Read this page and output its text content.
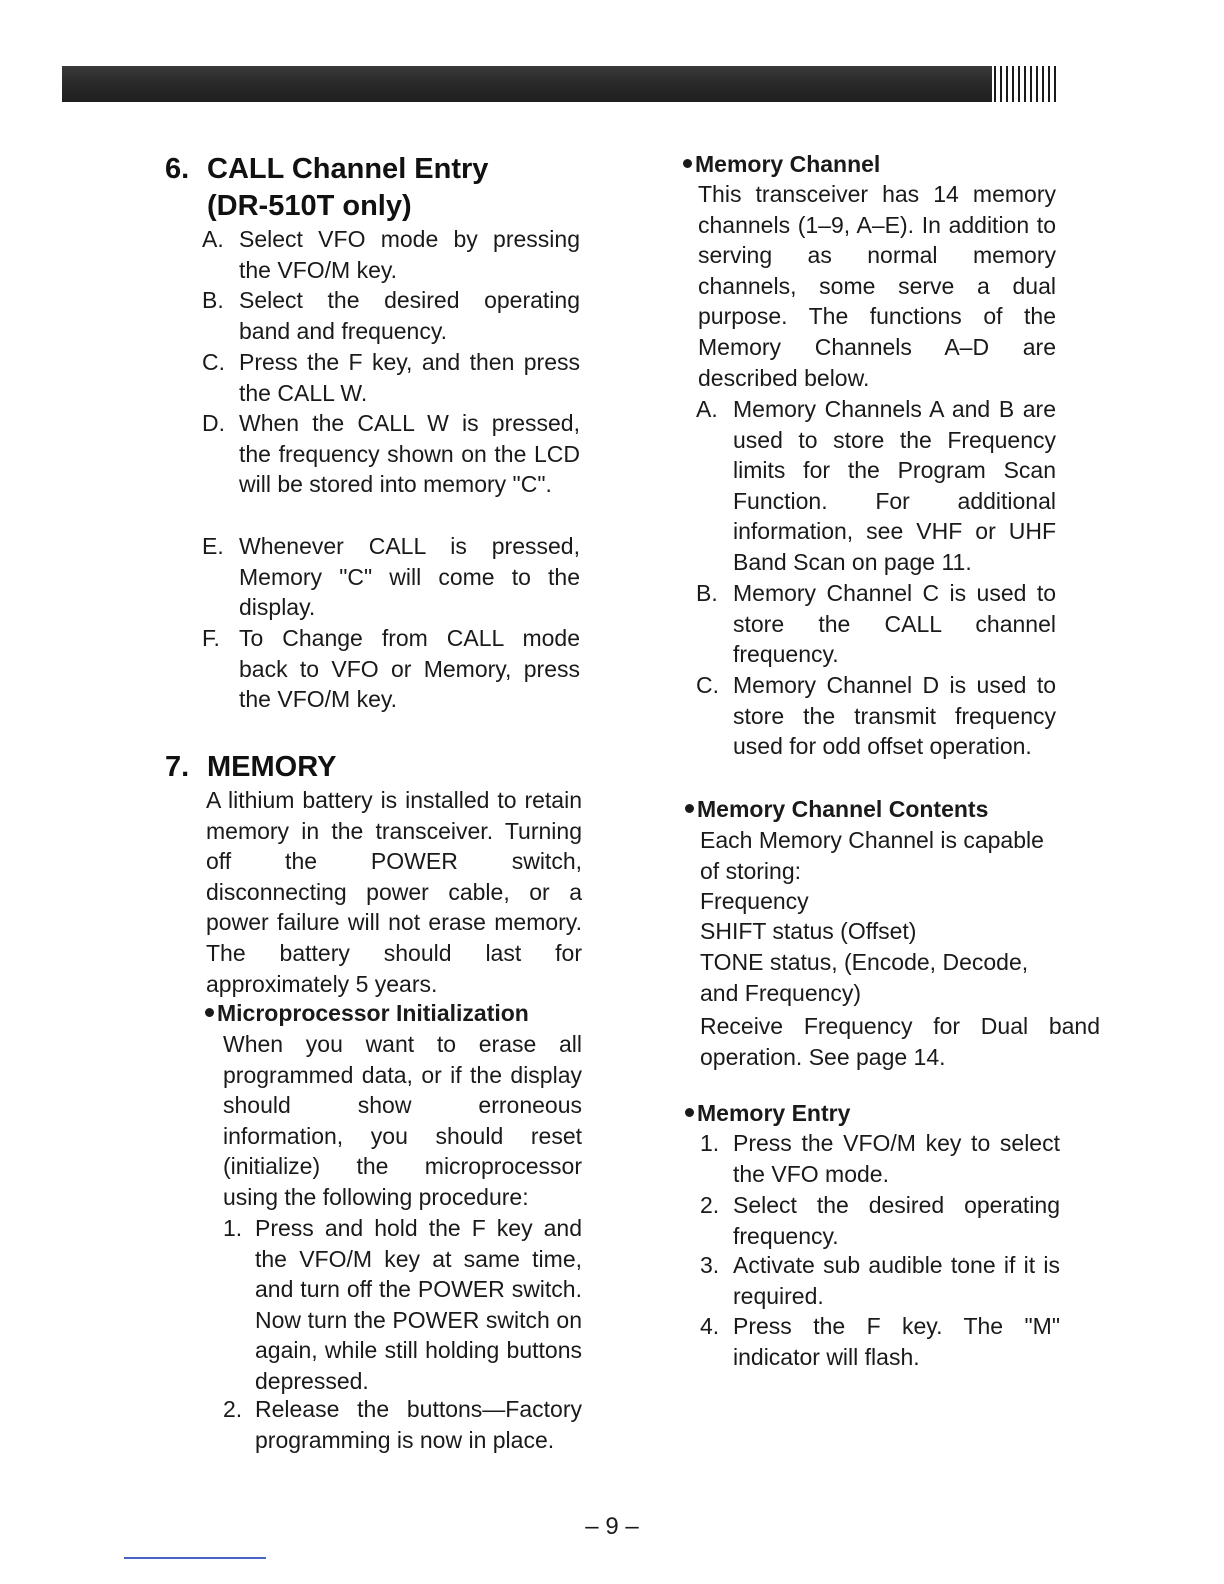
6. CALL Channel Entry
(DR-510T only)
A. Select VFO mode by pressing the VFO/M key.
B. Select the desired operating band and frequency.
C. Press the F key, and then press the CALL W.
D. When the CALL W is pressed, the frequency shown on the LCD will be stored into memory "C".
E. Whenever CALL is pressed, Memory "C" will come to the display.
F. To Change from CALL mode back to VFO or Memory, press the VFO/M key.
7. MEMORY
A lithium battery is installed to retain memory in the transceiver. Turning off the POWER switch, disconnecting power cable, or a power failure will not erase memory. The battery should last for approximately 5 years.
Microprocessor Initialization
When you want to erase all programmed data, or if the display should show erroneous information, you should reset (initialize) the microprocessor using the following procedure:
1. Press and hold the F key and the VFO/M key at same time, and turn off the POWER switch. Now turn the POWER switch on again, while still holding buttons depressed.
2. Release the buttons—Factory programming is now in place.
Memory Channel
This transceiver has 14 memory channels (1–9, A–E). In addition to serving as normal memory channels, some serve a dual purpose. The functions of the Memory Channels A–D are described below.
A. Memory Channels A and B are used to store the Frequency limits for the Program Scan Function. For additional information, see VHF or UHF Band Scan on page 11.
B. Memory Channel C is used to store the CALL channel frequency.
C. Memory Channel D is used to store the transmit frequency used for odd offset operation.
Memory Channel Contents
Each Memory Channel is capable of storing:
Frequency
SHIFT status (Offset)
TONE status, (Encode, Decode, and Frequency)
Receive Frequency for Dual band operation. See page 14.
Memory Entry
1. Press the VFO/M key to select the VFO mode.
2. Select the desired operating frequency.
3. Activate sub audible tone if it is required.
4. Press the F key. The "M" indicator will flash.
– 9 –
